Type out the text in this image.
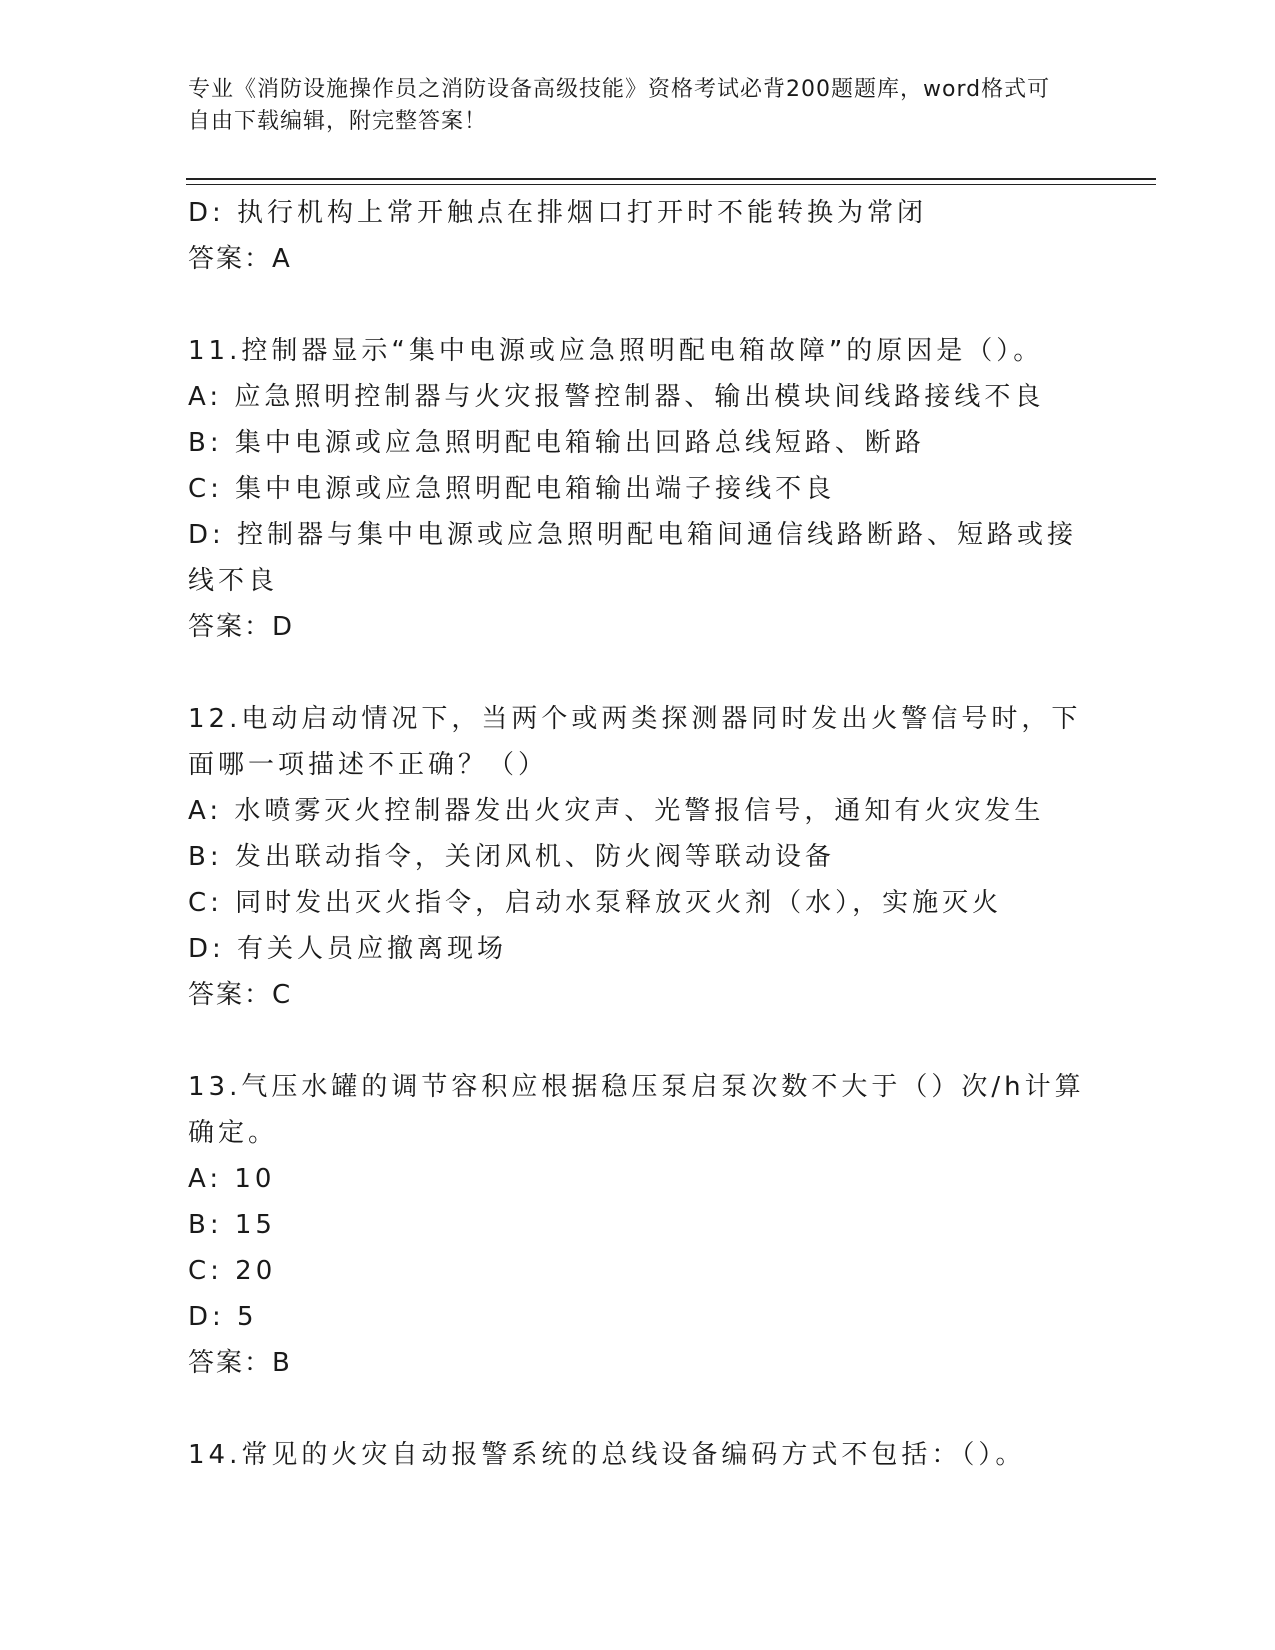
专业《消防设施操作员之消防设备高级技能》资格考试必背200题题库，word格式可自由下载编辑，附完整答案！

D: 执行机构上常开触点在排烟口打开时不能转换为常闭

答案：A

11.控制器显示“集中电源或应急照明配电箱故障”的原因是（）。

A: 应急照明控制器与火灾报警控制器、输出模块间线路接线不良

B: 集中电源或应急照明配电箱输出回路总线短路、断路

C: 集中电源或应急照明配电箱输出端子接线不良

D: 控制器与集中电源或应急照明配电箱间通信线路断路、短路或接线不良

答案：D

12.电动启动情况下，当两个或两类探测器同时发出火警信号时，下面哪一项描述不正确？（）

A: 水喷雾灭火控制器发出火灾声、光警报信号，通知有火灾发生

B: 发出联动指令，关闭风机、防火阀等联动设备

C: 同时发出灭火指令，启动水泵释放灭火剂（水），实施灭火

D: 有关人员应撤离现场

答案：C

13.气压水罐的调节容积应根据稳压泵启泵次数不大于（）次/h计算确定。

A: 10

B: 15

C: 20

D: 5

答案：B

14.常见的火灾自动报警系统的总线设备编码方式不包括：（）。
